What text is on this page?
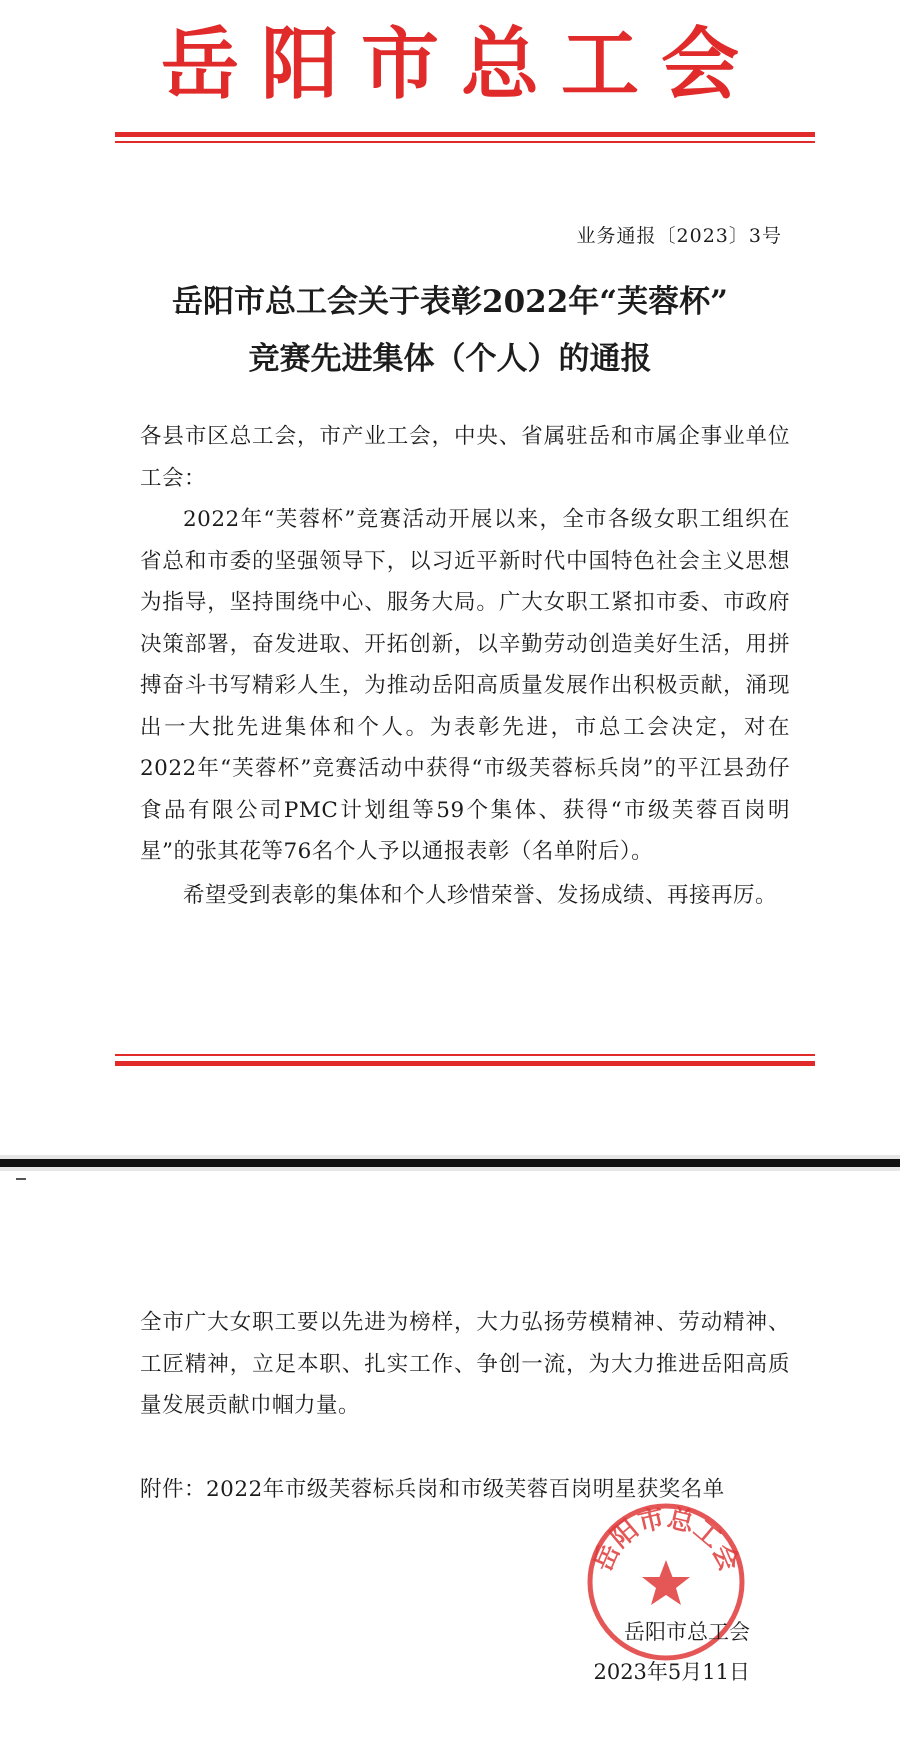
岳阳市总工会
业务通报〔2023〕3号
岳阳市总工会关于表彰2022年“芙蓉杯”
竞赛先进集体（个人）的通报

各县市区总工会，市产业工会，中央、省属驻岳和市属企事业单位工会：

2022年“芙蓉杯”竞赛活动开展以来，全市各级女职工组织在省总和市委的坚强领导下，以习近平新时代中国特色社会主义思想为指导，坚持围绕中心、服务大局。广大女职工紧扣市委、市政府决策部署，奋发进取、开拓创新，以辛勤劳动创造美好生活，用拼搏奋斗书写精彩人生，为推动岳阳高质量发展作出积极贡献，涌现出一大批先进集体和个人。为表彰先进，市总工会决定，对在2022年“芙蓉杯”竞赛活动中获得“市级芙蓉标兵岗”的平江县劲仔食品有限公司PMC计划组等59个集体、获得“市级芙蓉百岗明星”的张其花等76名个人予以通报表彰（名单附后）。

希望受到表彰的集体和个人珍惜荣誉、发扬成绩、再接再厉。

全市广大女职工要以先进为榜样，大力弘扬劳模精神、劳动精神、工匠精神，立足本职、扎实工作、争创一流，为大力推进岳阳高质量发展贡献巾帼力量。

附件：2022年市级芙蓉标兵岗和市级芙蓉百岗明星获奖名单

岳阳市总工会
岳阳市总工会
2023年5月11日
